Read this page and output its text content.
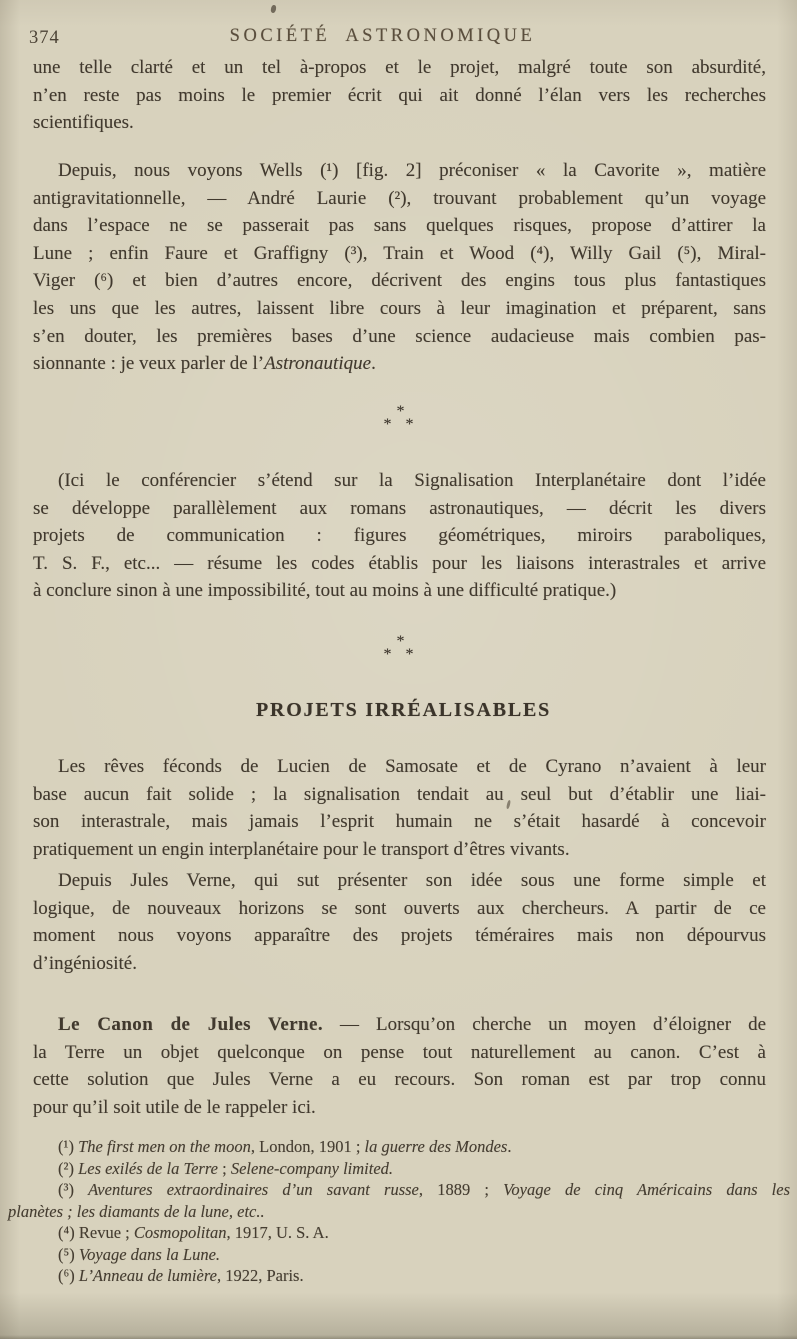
374	SOCIÉTÉ ASTRONOMIQUE
une telle clarté et un tel à-propos et le projet, malgré toute son absurdité,
n’en reste pas moins le premier écrit qui ait donné l’élan vers les recherches
scientifiques.
Depuis, nous voyons Wells (¹) [fig. 2] préconiser « la Cavorite », matière
antigravitationnelle, — André Laurie (²), trouvant probablement qu’un voyage
dans l’espace ne se passerait pas sans quelques risques, propose d’attirer la
Lune ; enfin Faure et Graffigny (³), Train et Wood (⁴), Willy Gail (⁵), Miral-
Viger (⁶) et bien d’autres encore, décrivent des engins tous plus fantastiques
les uns que les autres, laissent libre cours à leur imagination et préparent, sans
s’en douter, les premières bases d’une science audacieuse mais combien pas-
sionnante : je veux parler de l’Astronautique.
*
* *
(Ici le conférencier s’étend sur la Signalisation Interplanétaire dont l’idée
se développe parallèlement aux romans astronautiques, — décrit les divers
projets de communication : figures géométriques, miroirs paraboliques,
T. S. F., etc... — résume les codes établis pour les liaisons interastrales et arrive
à conclure sinon à une impossibilité, tout au moins à une difficulté pratique.)
*
* *
PROJETS IRRÉALISABLES
Les rêves féconds de Lucien de Samosate et de Cyrano n’avaient à leur
base aucun fait solide ; la signalisation tendait au seul but d’établir une liai-
son interastrale, mais jamais l’esprit humain ne s’était hasardé à concevoir
pratiquement un engin interplanétaire pour le transport d’êtres vivants.
Depuis Jules Verne, qui sut présenter son idée sous une forme simple et
logique, de nouveaux horizons se sont ouverts aux chercheurs. A partir de ce
moment nous voyons apparaître des projets téméraires mais non dépourvus
d’ingéniosité.
Le Canon de Jules Verne. — Lorsqu’on cherche un moyen d’éloigner de
la Terre un objet quelconque on pense tout naturellement au canon. C’est à
cette solution que Jules Verne a eu recours. Son roman est par trop connu
pour qu’il soit utile de le rappeler ici.
(¹) The first men on the moon, London, 1901 ; la guerre des Mondes.
(²) Les exilés de la Terre ; Selene-company limited.
(³) Aventures extraordinaires d’un savant russe, 1889 ; Voyage de cinq Américains dans les
planètes ; les diamants de la lune, etc..
(⁴) Revue ; Cosmopolitan, 1917, U. S. A.
(⁵) Voyage dans la Lune.
(⁶) L’Anneau de lumière, 1922, Paris.
